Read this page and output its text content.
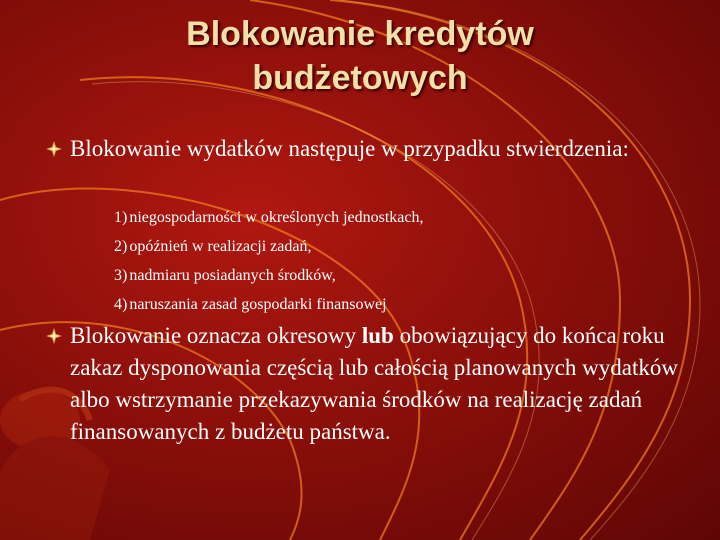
Blokowanie kredytów
budżetowych
Blokowanie wydatków następuje w przypadku stwierdzenia:
1) niegospodarności w określonych jednostkach,
2) opóźnień w realizacji zadań,
3) nadmiaru posiadanych środków,
4) naruszania zasad gospodarki finansowej
Blokowanie oznacza okresowy lub obowiązujący do końca roku zakaz dysponowania częścią lub całością planowanych wydatków albo wstrzymanie przekazywania środków na realizację zadań finansowanych z budżetu państwa.
